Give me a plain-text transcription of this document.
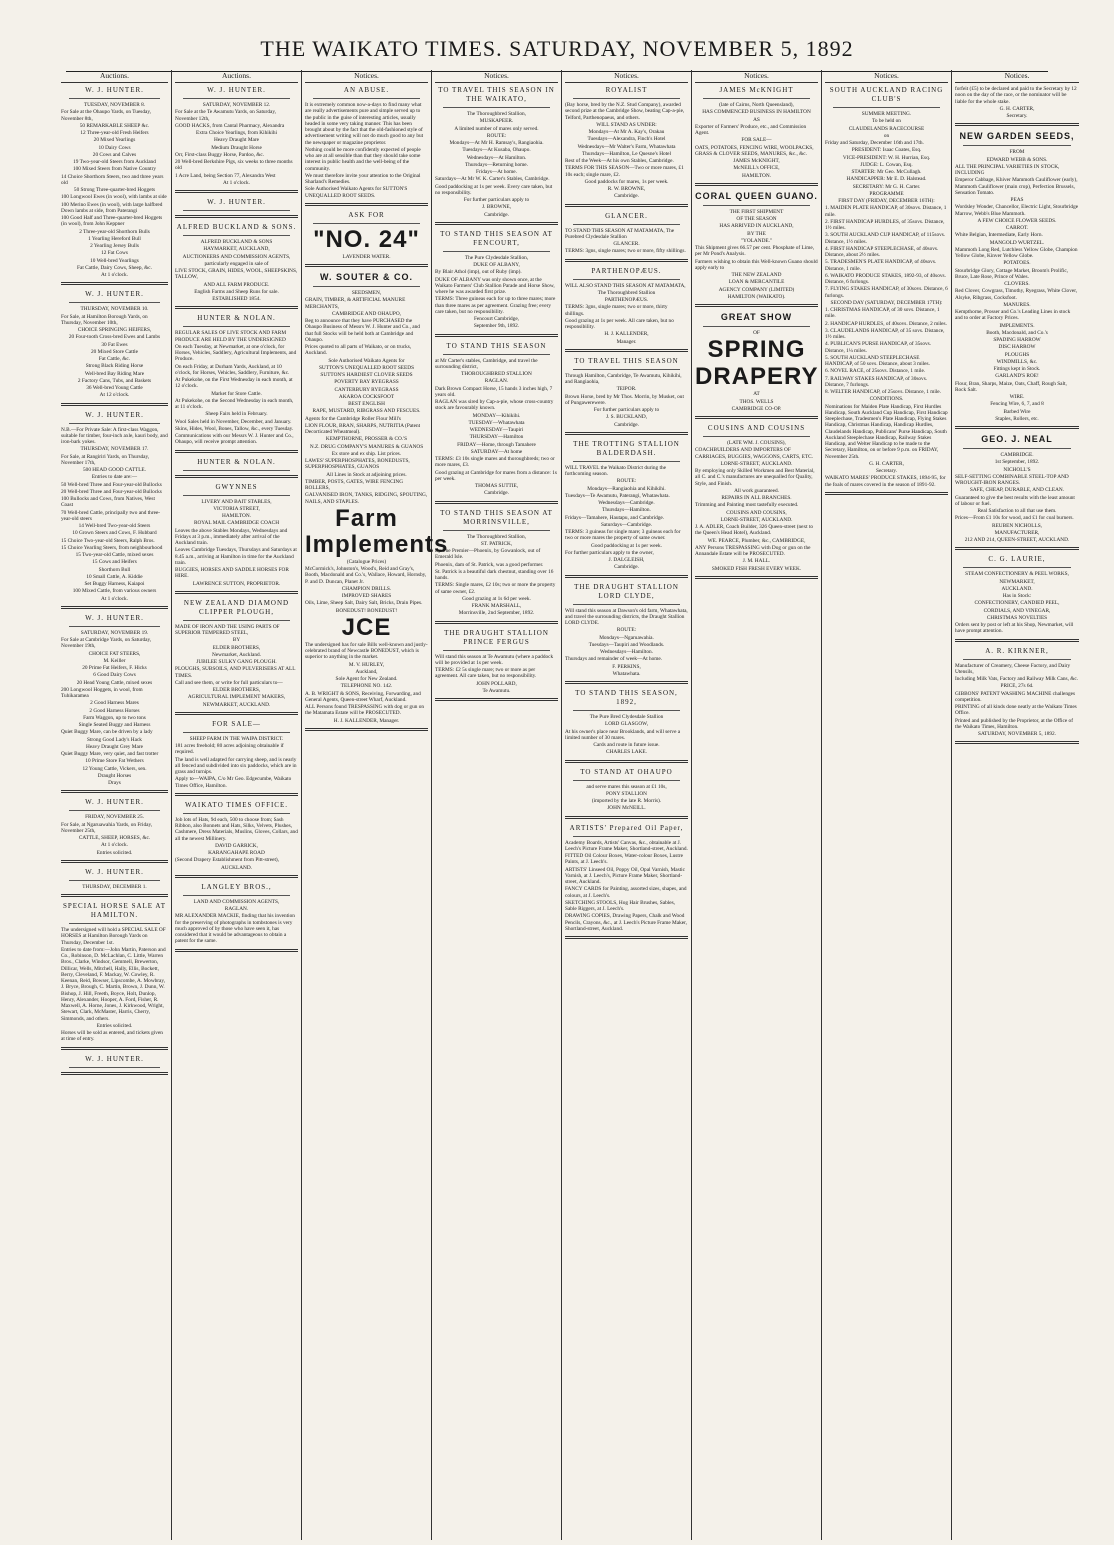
THE WAIKATO TIMES. SATURDAY, NOVEMBER 5, 1892
Auctions.
W. J. HUNTER.

TUESDAY, NOVEMBER 8.

For Sale at the Ohaupo Yards, on Tuesday, November 8th,

50 REMARKABLE SHEEP &c.

12 Three-year-old Fresh Heifers

20 Mixed Yearlings

10 Dairy Cows

20 Cows and Calves

19 Two-year-old Steers from Auckland

100 Mixed Steers from Native Country

14 Choice Shorthorn Steers, two and three years old

50 Strong Three-quarter-bred Hoggets

100 Longwool Ewes (in wool), with lambs at side

100 Merino Ewes (in wool), with large halfbred Down lambs at side, from Paterangi

100 Good Half and Three-quarter-bred Hoggets (in wool), from John Keppner

2 Three-year-old Shorthorn Bulls

1 Yearling Hereford Bull

2 Yearling Jersey Bulls

12 Fat Cows

10 Well-bred Yearlings

Fat Cattle, Dairy Cows, Sheep, &c.

At 1 o'clock.

W. J. HUNTER.

THURSDAY, NOVEMBER 10.

For Sale, at Hamilton Borough Yards, on Thursday, November 10th,

CHOICE SPRINGING HEIFERS,

20 Four-tooth Cross-bred Ewes and Lambs

30 Fat Ewes

20 Mixed Store Cattle

Fat Cattle, &c.

Strong Black Riding Horse

Well-bred Bay Riding Mare

2 Factory Cans, Tubs, and Baskets

36 Well-bred Young Cattle

At 12 o'clock.

W. J. HUNTER.

N.B.—For Private Sale: A first-class Waggon, suitable for timber, four-inch axle, kauri body, and iron-bark yokes.

THURSDAY, NOVEMBER 17.

For Sale, at Rangiriri Yards, on Thursday, November 17th,

500 HEAD GOOD CATTLE.

Entries to date are:—

50 Well-bred Three and Four-year-old Bullocks

20 Well-bred Three and Four-year-old Bullocks

100 Bullocks and Cows, from Natives, West Coast

70 Well-bred Cattle, principally two and three-year-old steers

14 Well-bred Two-year-old Steers

10 Grown Steers and Cows, F. Hubbard

15 Choice Two-year-old Steers, Ralph Bros.

15 Choice Yearling Steers, from neighbourhood

15 Two-year-old Cattle, mixed sexes

15 Cows and Heifers

Shorthorn Bull

10 Small Cattle, A. Kiddie

Set Buggy Harness, Kaiapoi

100 Mixed Cattle, from various owners

At 1 o'clock.

W. J. HUNTER.

SATURDAY, NOVEMBER 19.

For Sale at Cambridge Yards, on Saturday, November 19th,

CHOICE FAT STEERS,

M. Keiller

20 Prime Fat Heifers, F. Hicks

6 Good Dairy Cows

20 Head Young Cattle, mixed sexes

200 Longwool Hoggets, in wool, from Tuhikaramea

2 Good Harness Mares

2 Good Harness Horses

Farm Waggon, up to two tons

Single Seated Buggy and Harness

Quiet Buggy Mare, can be driven by a lady

Strong Good Lady's Hack

Heavy Draught Grey Mare

Quiet Buggy Mare, very quiet, and fast trotter

10 Prime Store Fat Wethers

12 Young Cattle, Vickers, sen.

Draught Horses

Drays

W. J. HUNTER.

FRIDAY, NOVEMBER 25.

For Sale, at Ngaruawahia Yards, on Friday, November 25th,

CATTLE, SHEEP, HORSES, &c.

At 1 o'clock.

Entries solicited.

W. J. HUNTER.

THURSDAY, DECEMBER 1.

SPECIAL HORSE SALE AT HAMILTON.

The undersigned will hold a SPECIAL SALE OF HORSES at Hamilton Borough Yards on Thursday, December 1st.

Entries to date from:—John Martin, Paterson and Co., Robinson, D. McLachlan, C. Little, Warren Bros., Clarke, Windsor, Gemmell, Brewerton, Dillicar, Wells, Mitchell, Hally, Ellis, Bockett, Berry, Cleveland, F. Mackay, W. Cowley, R. Keenan, Reid, Bowser, Lipscombe, A. Mowbray, J. Bryce, Brough, C. Martin, Brown, J. Dunn, W. Bishop, J. Hill, Freeth, Boyce, Holt, Dunlop, Henry, Alexander, Hooper, A. Ford, Fisher, R. Maxwell, A. Horne, Jones, J. Kirkwood, Wright, Stewart, Clark, McMaster, Harris, Cherry, Simmonds, and others.

Entries solicited.

Horses will be sold as entered, and tickets given at time of entry.

W. J. HUNTER.
Auctions.
W. J. HUNTER.

SATURDAY, NOVEMBER 12.

For Sale at the Te Awamutu Yards, on Saturday, November 12th,

GOOD HACKS, from Cantal Pharmacy, Alexandra

Extra Choice Yearlings, from Kihikihi

Heavy Draught Mare

Medium Draught Horse

Orr, First-class Buggy Horse, Pardoo, &c.

20 Well-bred Berkshire Pigs, six weeks to three months old

1 Acre Land, being Section 77, Alexandra West

At 1 o'clock.

W. J. HUNTER.
ALFRED BUCKLAND & SONS.

ALFRED BUCKLAND & SONS

HAYMARKET, AUCKLAND,

AUCTIONEERS AND COMMISSION AGENTS,

particularly engaged in sale of

LIVE STOCK, GRAIN, HIDES, WOOL, SHEEPSKINS, TALLOW,

AND ALL FARM PRODUCE.

English Farms and Sheep Runs for sale.

ESTABLISHED 1854.

HUNTER & NOLAN.

REGULAR SALES OF LIVE STOCK AND FARM PRODUCE ARE HELD BY THE UNDERSIGNED

On each Tuesday, at Newmarket, at one o'clock, for Horses, Vehicles, Saddlery, Agricultural Implements, and Produce.

On each Friday, at Durham Yards, Auckland, at 10 o'clock, for Horses, Vehicles, Saddlery, Furniture, &c.

At Pukekohe, on the First Wednesday in each month, at 12 o'clock.

Market for Store Cattle.

At Pukekohe, on the Second Wednesday in each month, at 11 o'clock.

Sheep Fairs held in February.

Wool Sales held in November, December, and January.

Skins, Hides, Wool, Bones, Tallow, &c., every Tuesday.

Communications with our Messrs W. J. Hunter and Co., Ohaupo, will receive prompt attention.

HUNTER & NOLAN.
GWYNNES

LIVERY AND BAIT STABLES,

VICTORIA STREET,

HAMILTON.

ROYAL MAIL CAMBRIDGE COACH

Leaves the above Stables Mondays, Wednesdays and Fridays at 3 p.m., immediately after arrival of the Auckland train.

Leaves Cambridge Tuesdays, Thursdays and Saturdays at 8.45 a.m., arriving at Hamilton in time for the Auckland train.

BUGGIES, HORSES AND SADDLE HORSES FOR HIRE.

LAWRENCE SUTTON, PROPRIETOR.

NEW ZEALAND DIAMOND CLIPPER PLOUGH,

MADE OF IRON AND THE USING PARTS OF SUPERIOR TEMPERED STEEL,

BY

ELDER BROTHERS,

Newmarket, Auckland.

JUBILEE SULKY GANG PLOUGH.

PLOUGHS, SUBSOILS, AND PULVERISERS AT ALL TIMES.

Call and see them, or write for full particulars to—

ELDER BROTHERS,

AGRICULTURAL IMPLEMENT MAKERS,

NEWMARKET, AUCKLAND.

FOR SALE—

SHEEP FARM IN THE WAIPA DISTRICT.

181 acres freehold; 80 acres adjoining obtainable if required.

The land is well adapted for carrying sheep, and is nearly all fenced and subdivided into six paddocks, which are in grass and turnips.

Apply to—WAIPA, C/o Mr Geo. Edgecumbe, Waikato Times Office, Hamilton.

WAIKATO TIMES OFFICE.

Job lots of Hats, 9d each, 500 to choose from; Sash Ribbon, also Bonnets and Hats, Silks, Velvets, Plushes, Cashmere, Dress Materials, Muslins, Gloves, Collars, and all the newest Millinery.

DAVID GARRICK,

KARANGAHAPE ROAD

(Second Drapery Establishment from Pitt-street),

AUCKLAND.

LANGLEY BROS.,

LAND AND COMMISSION AGENTS,

RAGLAN.

MR ALEXANDER MACKIE, finding that his invention for the preserving of photographs in tombstones is very much approved of by those who have seen it, has considered that it would be advantageous to obtain a patent for the same.

Notices.
AN ABUSE.

It is extremely common now-a-days to find many what are really advertisements pure and simple served up to the public in the guise of interesting articles, usually headed in some very taking manner. This has been brought about by the fact that the old-fashioned style of advertisement writing will not do much good to any but the newspaper or magazine proprietor.

Nothing could be more confidently expected of people who are at all sensible than that they should take some interest in public health and the well-being of the community.

We must therefore invite your attention to the Original Sharland's Remedies.

Sole Authorised Waikato Agents for SUTTON'S UNEQUALLED ROOT SEEDS.

ASK FOR

"NO. 24"

LAVENDER WATER.

W. SOUTER & CO.

SEEDSMEN,

GRAIN, TIMBER, & ARTIFICIAL MANURE MERCHANTS,

CAMBRIDGE AND OHAUPO,

Beg to announce that they have PURCHASED the Ohaupo Business of Messrs W. J. Hunter and Co., and that full Stocks will be held both at Cambridge and Ohaupo.

Prices quoted to all parts of Waikato, or on trucks, Auckland.

Sole Authorised Waikato Agents for

SUTTON'S UNEQUALLED ROOT SEEDS

SUTTON'S HARDIEST CLOVER SEEDS

POVERTY BAY RYEGRASS

CANTERBURY RYEGRASS

AKAROA COCKSFOOT

BEST ENGLISH

RAPE, MUSTARD, RIBGRASS AND FESCUES.

Agents for the Cambridge Roller Flour Mill's

LION FLOUR, BRAN, SHARPS, NUTRITIA (Patent Decorticated Wheatmeal).

KEMPTHORNE, PROSSER & CO.'S

N.Z. DRUG COMPANY'S MANURES & GUANOS

Ex store and ex ship. List prices.

LAWES' SUPERPHOSPHATES, BONEDUSTS, SUPERPHOSPHATES, GUANOS

All Lines in Stock at adjoining prices.

TIMBER, POSTS, GATES, WIRE FENCING ROLLERS,

GALVANISED IRON, TANKS, RIDGING, SPOUTING, NAILS, AND STAPLES.

Farm Implements

(Catalogue Prices)

McCormick's, Johnston's, Wood's, Reid and Gray's, Booth, Macdonald and Co.'s, Wallace, Howard, Hornsby, P. and D. Duncan, Planet Jr.

CHAMPION DRILLS.

IMPROVED SHARES

Oils, Lime, Sheep Salt, Dairy Salt, Bricks, Drain Pipes.

BONEDUST! BONEDUST!

JCE

The undersigned has for sale Bills well-known and justly-celebrated brand of Newcastle BONEDUST, which is superior to anything in the market.

M. V. HURLEY,

Auckland,

Sole Agent for New Zealand.

TELEPHONE NO. 142.

A. B. WRIGHT & SONS, Receiving, Forwarding, and General Agents, Queen-street Wharf, Auckland.

ALL Persons found TRESPASSING with dog or gun on the Matamata Estate will be PROSECUTED.

H. J. KALLENDER, Manager.

Notices.
TO TRAVEL THIS SEASON IN THE WAIKATO,

The Thoroughbred Stallion,

MUSKAPEER.

A limited number of mares only served.

ROUTE:

Mondays—At Mr H. Ramsay's, Rangiaohia.

Tuesdays—At Kusaba, Ohaupo.

Wednesdays—At Hamilton.

Thursdays—Returning home.

Fridays—At home.

Saturdays—At Mr W. K. Carter's Stables, Cambridge.

Good paddocking at 1s per week. Every care taken, but no responsibility.

For further particulars apply to

J. BROWNE,

Cambridge.

TO STAND THIS SEASON AT FENCOURT,

The Pure Clydesdale Stallion,

DUKE OF ALBANY,

By Blair Athol (imp), out of Ruby (imp).

DUKE OF ALBANY was only shown once, at the Waikato Farmers' Club Stallion Parade and Horse Show, where he was awarded first prize.

TERMS: Three guineas each for up to three mares; more than three mares as per agreement. Grazing free; every care taken, but no responsibility.

Fencourt Cambridge,

September 9th, 1892.

TO STAND THIS SEASON

at Mr Carter's stables, Cambridge, and travel the surrounding district,

THOROUGHBRED STALLION

RAGLAN.

Dark Brown Compact Horse, 15 hands 3 inches high, 7 years old.

RAGLAN was sired by Cap-a-pie, whose cross-country stock are favourably known.

MONDAY—Kihikihi.

TUESDAY—Whatawhata

WEDNESDAY—Taupiri

THURSDAY—Hamilton

FRIDAY—Home, through Tamahere

SATURDAY—At home

TERMS: £3 10s single mares and thoroughbreds; two or more mares, £3.

Good grazing at Cambridge for mares from a distance: 1s per week.

THOMAS SUTTIE,

Cambridge.

TO STAND THIS SEASON AT MORRINSVILLE,

The Thoroughbred Stallion,

ST. PATRICK,

By The Premier—Phoenix, by Gowanlock, out of Emerald Isle.

Phoenix, dam of St. Patrick, was a good performer.

St. Patrick is a beautiful dark chestnut, standing over 16 hands.

TERMS: Single mares, £2 10s; two or more the property of same owner, £2.

Good grazing at 1s 6d per week.

FRANK MARSHALL,

Morrinsville, 2nd September, 1892.

THE DRAUGHT STALLION PRINCE FERGUS

Will stand this season at Te Awamutu (where a paddock will be provided at 1s per week.

TERMS: £2 5s single mare; two or more as per agreement. All care taken, but no responsibility.

JOHN POLLARD,

Te Awamutu.

Notices.
ROYALIST

(Bay horse, bred by the N.Z. Stud Company), awarded second prize at the Cambridge Show, beating Cap-a-pie, Telford, Parthenopaeus, and others.

WILL STAND AS UNDER:

Mondays—At Mr A. Kay's, Orakau

Tuesdays—Alexandra, Finch's Hotel

Wednesdays—Mr Walter's Farm, Whatawhata

Thursdays—Hamilton, Le Quesne's Hotel

Rest of the Week—At his own Stables, Cambridge.

TERMS FOR THIS SEASON—Two or more mares, £1 10s each; single mare, £2.

Good paddocks for mares, 1s per week.

R. W. BROWNE,

Cambridge.

GLANCER.

TO STAND THIS SEASON AT MATAMATA, The Purebred Clydesdale Stallion

GLANCER.

TERMS: 3gns, single mares; two or more, fifty shillings.

PARTHENOPÆUS.

WILL ALSO STAND THIS SEASON AT MATAMATA,

The Thoroughbred Stallion

PARTHENOPÆUS.

TERMS: 3gns, single mares; two or more, thirty shillings.

Good grazing at 1s per week. All care taken, but no responsibility.

H. J. KALLENDER,

Manager.

TO TRAVEL THIS SEASON

Through Hamilton, Cambridge, Te Awamutu, Kihikihi, and Rangiaohia,

TEIPOR.

Brown Horse, bred by Mr Thos. Morrin, by Musket, out of Pungawerewere.

For further particulars apply to

J. S. BUCKLAND,

Cambridge.

THE TROTTING STALLION BALDERDASH.

WILL TRAVEL the Waikato District during the forthcoming season.

ROUTE:

Mondays—Rangiaohia and Kihikihi.

Tuesdays—Te Awamutu, Paterangi, Whatawhata.

Wednesdays—Cambridge.

Thursdays—Hamilton.

Fridays—Tamahere, Hautapu, and Cambridge.

Saturdays—Cambridge.

TERMS: 3 guineas for single mare; 3 guineas each for two or more mares the property of same owner.

Good paddocking at 1s per week.

For further particulars apply to the owner,

J. DALGLEISH,

Cambridge.

THE DRAUGHT STALLION LORD CLYDE,

Will stand this season at Dawson's old farm, Whatawhata, and travel the surrounding districts, the Draught Stallion LORD CLYDE.

ROUTE:

Mondays—Ngaruawahia.

Tuesdays—Taupiri and Woodlands.

Wednesdays—Hamilton.

Thursdays and remainder of week—At home.

F. PERKINS,

Whatawhata.

TO STAND THIS SEASON, 1892,

The Pure Bred Clydesdale Stallion

LORD GLASGOW,

At his owner's place near Brooklands, and will serve a limited number of 30 mares.

Cards and route in future issue.

CHARLES LAKE.

TO STAND AT OHAUPO

and serve mares this season at £1 10s,

PONY STALLION

(imported by the late R. Morris).

JOHN McNEILL.

ARTISTS' Prepared Oil Paper,

Academy Boards, Artists' Canvas, &c., obtainable at J. Leech's Picture Frame Maker, Shortland-street, Auckland.

FITTED Oil Colour Boxes, Water-colour Boxes, Lustre Paints, at J. Leech's.

ARTISTS' Linseed Oil, Poppy Oil, Opal Varnish, Mastic Varnish, at J. Leech's, Picture Frame Maker, Shortland-street, Auckland.

FANCY CARDS for Painting, assorted sizes, shapes, and colours, at J. Leech's.

SKETCHING STOOLS, Hog Hair Brushes, Sables, Sable Riggers, at J. Leech's.

DRAWING COPIES, Drawing Papers, Chalk and Wood Pencils, Crayons, &c., at J. Leech's Picture Frame Maker, Shortland-street, Auckland.

Notices.
JAMES McKNIGHT

(late of Cairns, North Queensland),

HAS COMMENCED BUSINESS IN HAMILTON

AS

Exporter of Farmers' Produce, etc., and Commission Agent.

FOR SALE—

OATS, POTATOES, FENCING WIRE, WOOLPACKS, GRASS & CLOVER SEEDS, MANURES, &c., &c.

JAMES McKNIGHT,

McNEILL's OFFICE,

HAMILTON.

CORAL QUEEN GUANO.

THE FIRST SHIPMENT

OF THE SEASON

HAS ARRIVED IN AUCKLAND,

BY THE

"YOLANDE."

This Shipment gives 66.57 per cent. Phosphate of Lime, per Mr Pond's Analysis.

Farmers wishing to obtain this Well-known Guano should apply early to

THE NEW ZEALAND

LOAN & MERCANTILE

AGENCY COMPANY (LIMITED)

HAMILTON (WAIKATO).

GREAT SHOW

OF

SPRING

DRAPERY

AT

THOS. WELLS

CAMBRIDGE CO-OP.

COUSINS AND COUSINS

(LATE WM. J. COUSINS),

COACHBUILDERS AND IMPORTERS OF CARRIAGES, BUGGIES, WAGGONS, CARTS, ETC.

LORNE-STREET, AUCKLAND.

By employing only Skilled Workmen and Best Material, all C. and C.'s manufactures are unequalled for Quality, Style, and Finish.

All work guaranteed.

REPAIRS IN ALL BRANCHES.

Trimming and Painting most tastefully executed.

COUSINS AND COUSINS,

LORNE-STREET, AUCKLAND.

J. A. ADLER, Coach Builder, 326 Queen-street (next to the Queen's Head Hotel), Auckland.

WE. PEARCE, Plumber, &c., CAMBRIDGE,

ANY Persons TRESPASSING with Dog or gun on the Annandale Estate will be PROSECUTED.

J. M. HALL.

SMOKED FISH FRESH EVERY WEEK.

Notices.
SOUTH AUCKLAND RACING CLUB'S

SUMMER MEETING.

To be held on

CLAUDELANDS RACECOURSE

on

Friday and Saturday, December 16th and 17th.

PRESIDENT: Isaac Coates, Esq.

VICE-PRESIDENT: W. H. Hurrian, Esq.

JUDGE: L. Cowan, Esq.

STARTER: Mr Geo. McCullagh.

HANDICAPPER: Mr E. D. Halstead.

SECRETARY: Mr G. H. Carter.

PROGRAMME

FIRST DAY (FRIDAY, DECEMBER 16TH):

1. MAIDEN PLATE HANDICAP, of 30sovs. Distance, 1 mile.

2. FIRST HANDICAP HURDLES, of 35sovs. Distance, 1½ miles.

3. SOUTH AUCKLAND CUP HANDICAP, of 115sovs. Distance, 1½ miles.

4. FIRST HANDICAP STEEPLECHASE, of 40sovs. Distance, about 2½ miles.

5. TRADESMEN'S PLATE HANDICAP, of 40sovs. Distance, 1 mile.

6. WAIKATO PRODUCE STAKES, 1892-93, of 40sovs. Distance, 6 furlongs.

7. FLYING STAKES HANDICAP, of 30sovs. Distance, 6 furlongs.

SECOND DAY (SATURDAY, DECEMBER 17TH):

1. CHRISTMAS HANDICAP, of 30 sovs. Distance, 1 mile.

2. HANDICAP HURDLES, of 40sovs. Distance, 2 miles.

3. CLAUDELANDS HANDICAP, of 35 sovs. Distance, 1½ miles.

4. PUBLICAN'S PURSE HANDICAP, of 35sovs. Distance, 1¼ miles.

5. SOUTH AUCKLAND STEEPLECHASE HANDICAP, of 50 sovs. Distance, about 3 miles.

6. NOVEL RACE, of 25sovs. Distance, 1 mile.

7. RAILWAY STAKES HANDICAP, of 30sovs. Distance, 7 furlongs.

8. WELTER HANDICAP, of 25sovs. Distance, 1 mile.

CONDITIONS.

Nominations for Maiden Plate Handicap, First Hurdles Handicap, South Auckland Cup Handicap, First Handicap Steeplechase, Tradesmen's Plate Handicap, Flying Stakes Handicap, Christmas Handicap, Handicap Hurdles, Claudelands Handicap, Publicans' Purse Handicap, South Auckland Steeplechase Handicap, Railway Stakes Handicap, and Welter Handicap to be made to the Secretary, Hamilton, on or before 9 p.m. on FRIDAY, November 25th.

G. H. CARTER,

Secretary.

WAIKATO MARES' PRODUCE STAKES, 1894-95, for the foals of mares covered in the season of 1891-92.

Notices.

forfeit (£5) to be declared and paid to the Secretary by 12 noon on the day of the race, or the nominator will be liable for the whole stake.

G. H. CARTER,

Secretary.

NEW GARDEN SEEDS,

FROM

EDWARD WEBB & SONS.

ALL THE PRINCIPAL VARIETIES IN STOCK, INCLUDING

Emperor Cabbage, Khiver Mammoth Cauliflower (early), Mammoth Cauliflower (main crop), Perfection Brussels, Sensation Tomato.

PEAS

Wordsley Wonder, Chancellor, Electric Light, Stourbridge Marrow, Webb's Blue Mammoth.

A FEW CHOICE FLOWER SEEDS.

CARROT.

White Belgian, Intermediate, Early Horn.

MANGOLD WURTZEL.

Mammoth Long Red, Lutchless Yellow Globe, Champion Yellow Globe, Kinver Yellow Globe.

POTATOES.

Stourbridge Glory, Cottage Market, Broom's Prolific, Bruce, Late Rose, Prince of Wales.

CLOVERS.

Red Clover, Cowgrass, Timothy, Ryegrass, White Clover, Alsyke, Ribgrass, Cocksfoot.

MANURES.

Kempthorne, Prosser and Co.'s Leading Lines in stock and to order at Factory Prices.

IMPLEMENTS.

Booth, Macdonald, and Co.'s

SPADING HARROW

DISC HARROW

PLOUGHS

WINDMILLS, &c.

Fittings kept in Stock.

GARLAND'S ROE!

Flour, Bran, Sharps, Maize, Oats, Chaff, Rough Salt, Rock Salt.

WIRE.

Fencing Wire, 6, 7, and 8

Barbed Wire

Staples, Rollers, etc.

GEO. J. NEAL

CAMBRIDGE.

1st September, 1892.

NICHOLL'S

SELF-SETTING COMBINABLE STEEL-TOP AND WROUGHT-IRON RANGES.

SAFE, CHEAP, DURABLE, AND CLEAN.

Guaranteed to give the best results with the least amount of labour or fuel.

Real Satisfaction to all that use them.

Prices—From £1 10s for wood, and £1 for coal burners.

REUBEN NICHOLLS,

MANUFACTURER,

212 AND 214, QUEEN-STREET, AUCKLAND.

C. G. LAURIE,

STEAM CONFECTIONERY & PEEL WORKS,

NEWMARKET,

AUCKLAND.

Has in Stock:

CONFECTIONERY, CANDIED PEEL,

CORDIALS, AND VINEGAR,

CHRISTMAS NOVELTIES

Orders sent by post or left at his Shop, Newmarket, will have prompt attention.

A. R. KIRKNER,

Manufacturer of Creamery, Cheese Factory, and Dairy Utensils,

Including Milk Vats, Factory and Railway Milk Cans, &c.

PRICE, 27s 6d.

GIBBONS' PATENT WASHING MACHINE challenges competition.

PRINTING of all kinds done neatly at the Waikato Times Office.

Printed and published by the Proprietor, at the Office of the Waikato Times, Hamilton.

SATURDAY, NOVEMBER 5, 1892.
